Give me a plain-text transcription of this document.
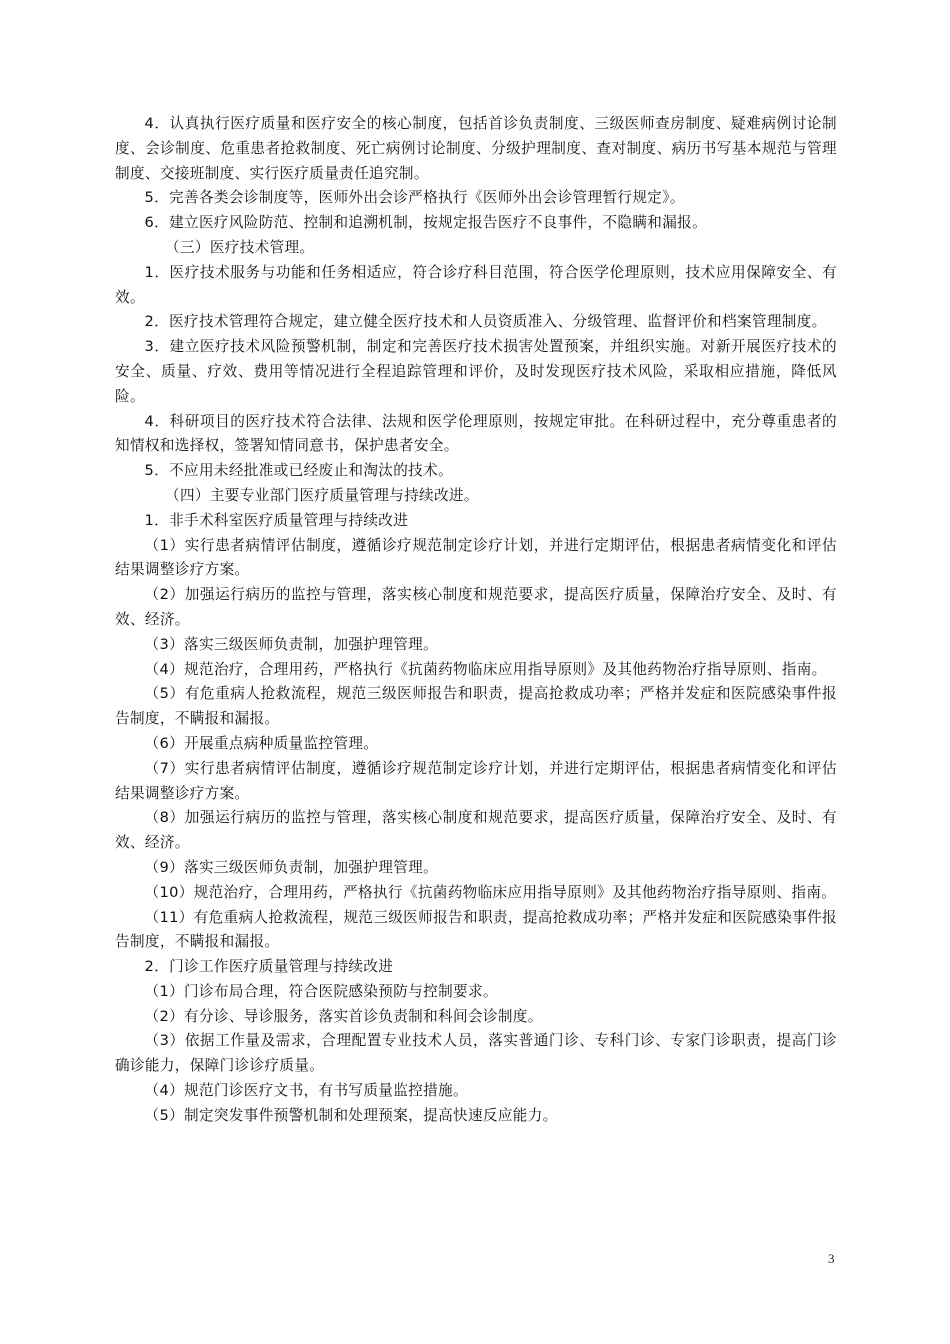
4．认真执行医疗质量和医疗安全的核心制度，包括首诊负责制度、三级医师查房制度、疑难病例讨论制度、会诊制度、危重患者抢救制度、死亡病例讨论制度、分级护理制度、查对制度、病历书写基本规范与管理制度、交接班制度、实行医疗质量责任追究制。

5．完善各类会诊制度等，医师外出会诊严格执行《医师外出会诊管理暂行规定》。

6．建立医疗风险防范、控制和追溯机制，按规定报告医疗不良事件，不隐瞒和漏报。

（三）医疗技术管理。

1．医疗技术服务与功能和任务相适应，符合诊疗科目范围，符合医学伦理原则，技术应用保障安全、有效。

2．医疗技术管理符合规定，建立健全医疗技术和人员资质准入、分级管理、监督评价和档案管理制度。

3．建立医疗技术风险预警机制，制定和完善医疗技术损害处置预案，并组织实施。对新开展医疗技术的安全、质量、疗效、费用等情况进行全程追踪管理和评价，及时发现医疗技术风险，采取相应措施，降低风险。

4．科研项目的医疗技术符合法律、法规和医学伦理原则，按规定审批。在科研过程中，充分尊重患者的知情权和选择权，签署知情同意书，保护患者安全。

5．不应用未经批准或已经废止和淘汰的技术。

（四）主要专业部门医疗质量管理与持续改进。

1．非手术科室医疗质量管理与持续改进

（1）实行患者病情评估制度，遵循诊疗规范制定诊疗计划，并进行定期评估，根据患者病情变化和评估结果调整诊疗方案。

（2）加强运行病历的监控与管理，落实核心制度和规范要求，提高医疗质量，保障治疗安全、及时、有效、经济。

（3）落实三级医师负责制，加强护理管理。

（4）规范治疗，合理用药，严格执行《抗菌药物临床应用指导原则》及其他药物治疗指导原则、指南。

（5）有危重病人抢救流程，规范三级医师报告和职责，提高抢救成功率；严格并发症和医院感染事件报告制度，不瞒报和漏报。

（6）开展重点病种质量监控管理。

（7）实行患者病情评估制度，遵循诊疗规范制定诊疗计划，并进行定期评估，根据患者病情变化和评估结果调整诊疗方案。

（8）加强运行病历的监控与管理，落实核心制度和规范要求，提高医疗质量，保障治疗安全、及时、有效、经济。

（9）落实三级医师负责制，加强护理管理。

（10）规范治疗，合理用药，严格执行《抗菌药物临床应用指导原则》及其他药物治疗指导原则、指南。

（11）有危重病人抢救流程，规范三级医师报告和职责，提高抢救成功率；严格并发症和医院感染事件报告制度，不瞒报和漏报。

2．门诊工作医疗质量管理与持续改进

（1）门诊布局合理，符合医院感染预防与控制要求。

（2）有分诊、导诊服务，落实首诊负责制和科间会诊制度。

（3）依据工作量及需求，合理配置专业技术人员，落实普通门诊、专科门诊、专家门诊职责，提高门诊确诊能力，保障门诊诊疗质量。

（4）规范门诊医疗文书，有书写质量监控措施。

（5）制定突发事件预警机制和处理预案，提高快速反应能力。

3
